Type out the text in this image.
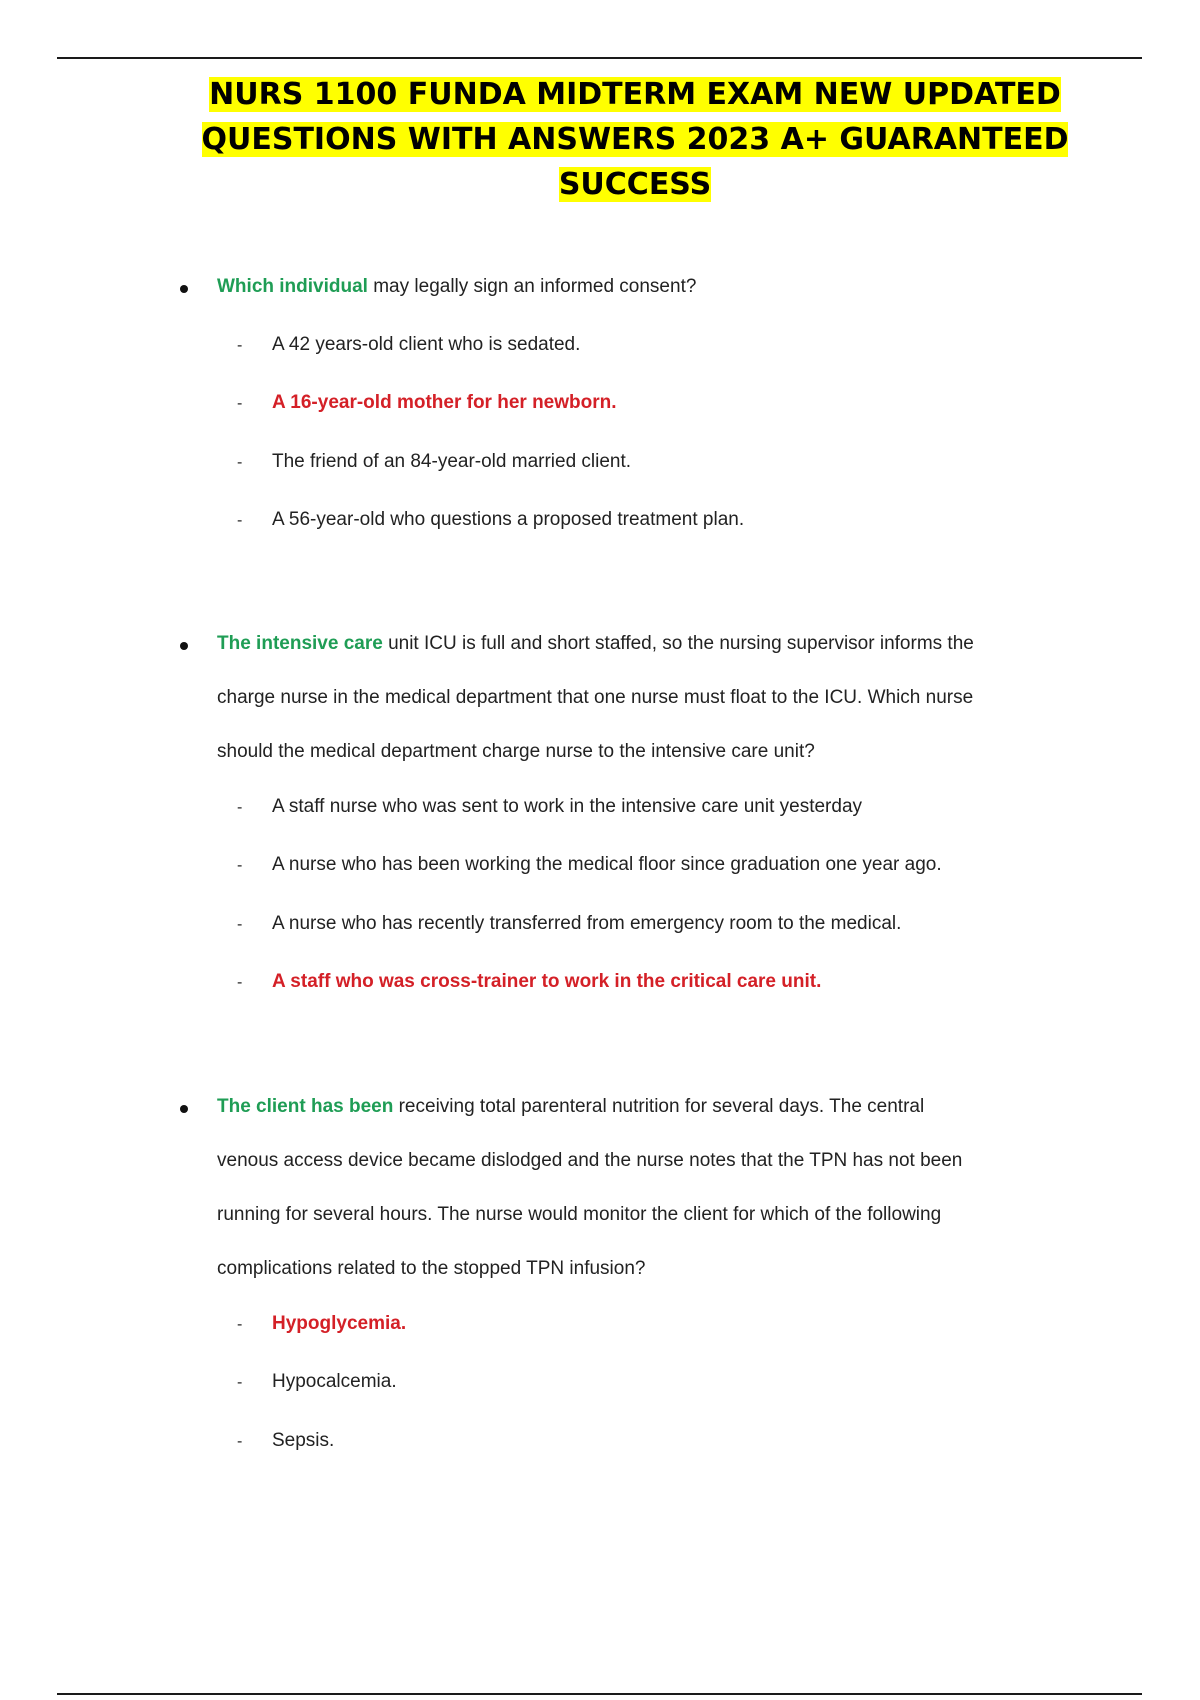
NURS 1100 FUNDA MIDTERM EXAM NEW UPDATED
QUESTIONS WITH ANSWERS 2023 A+ GUARANTEED
SUCCESS
Which individual may legally sign an informed consent?
- A 42 years-old client who is sedated.
- A 16-year-old mother for her newborn.
- The friend of an 84-year-old married client.
- A 56-year-old who questions a proposed treatment plan.
The intensive care unit ICU is full and short staffed, so the nursing supervisor informs the
charge nurse in the medical department that one nurse must float to the ICU. Which nurse
should the medical department charge nurse to the intensive care unit?
- A staff nurse who was sent to work in the intensive care unit yesterday
- A nurse who has been working the medical floor since graduation one year ago.
- A nurse who has recently transferred from emergency room to the medical.
- A staff who was cross-trainer to work in the critical care unit.
The client has been receiving total parenteral nutrition for several days. The central
venous access device became dislodged and the nurse notes that the TPN has not been
running for several hours. The nurse would monitor the client for which of the following
complications related to the stopped TPN infusion?
- Hypoglycemia.
- Hypocalcemia.
- Sepsis.
